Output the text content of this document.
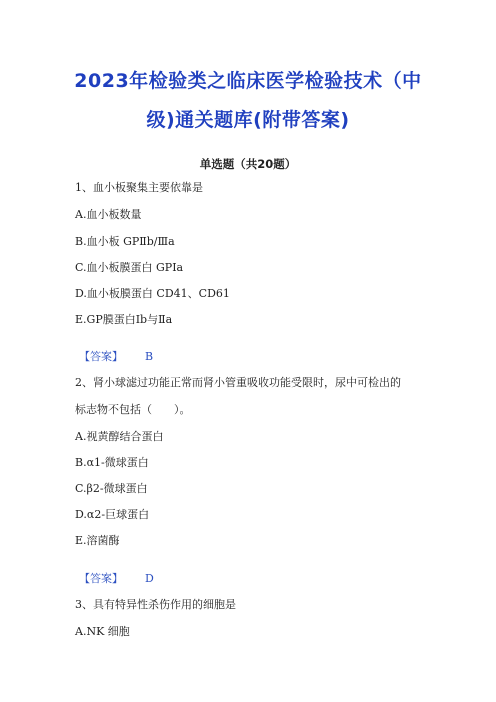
2023年检验类之临床医学检验技术（中
级)通关题库(附带答案)
单选题（共20题）
1、血小板聚集主要依靠是
A.血小板数量
B.血小板 GPⅡb/Ⅲa
C.血小板膜蛋白 GPⅠa
D.血小板膜蛋白 CD41、CD61
E.GP膜蛋白Ⅰb与Ⅱa
【答案】 B
2、肾小球滤过功能正常而肾小管重吸收功能受限时，尿中可检出的
标志物不包括（　　）。
A.视黄醇结合蛋白
B.α1-微球蛋白
C.β2-微球蛋白
D.α2-巨球蛋白
E.溶菌酶
【答案】 D
3、具有特异性杀伤作用的细胞是
A.NK 细胞
